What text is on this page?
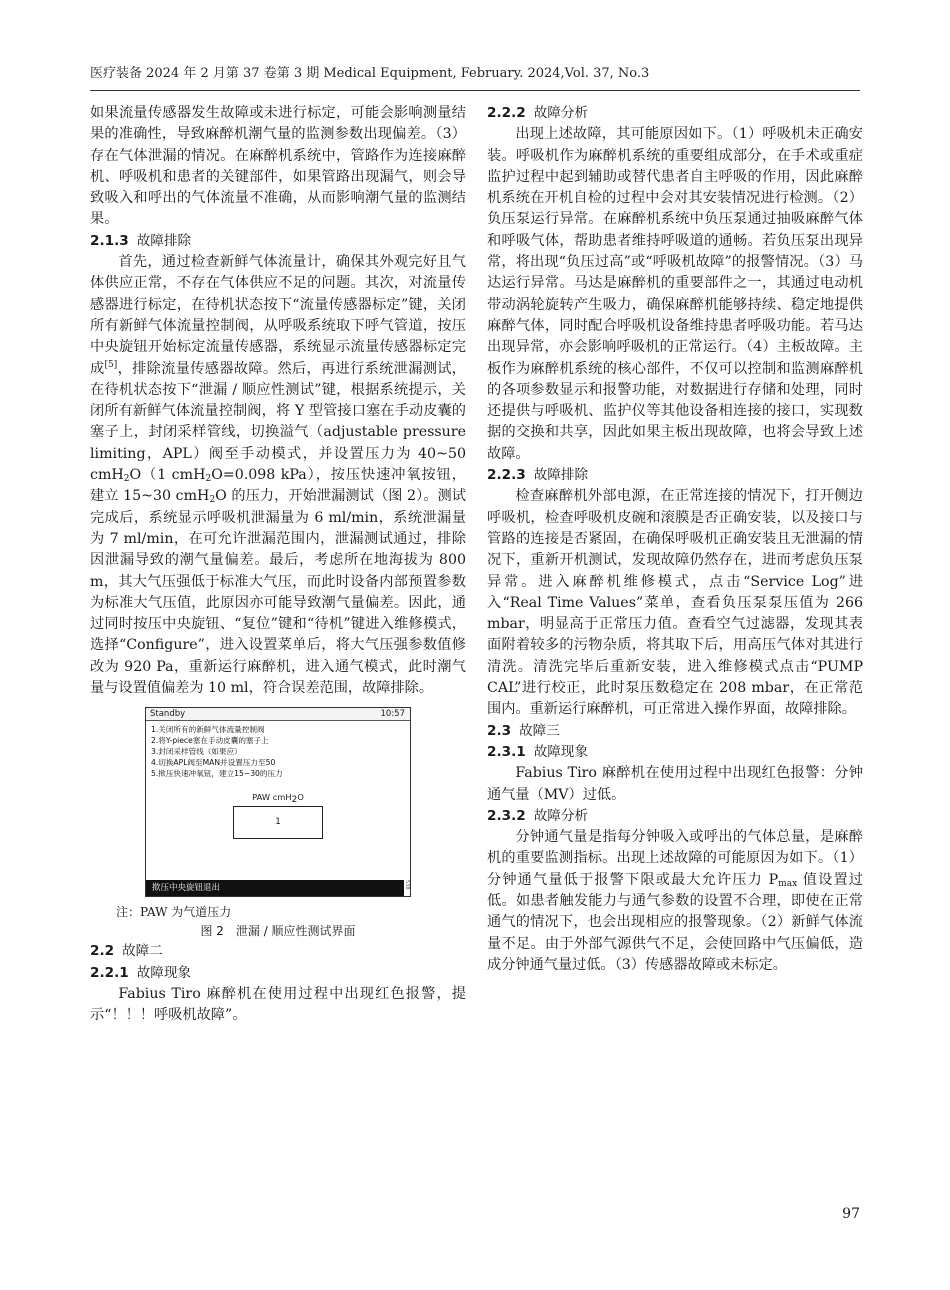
医疗装备 2024 年 2 月第 37 卷第 3 期 Medical Equipment, February. 2024,Vol. 37, No.3

如果流量传感器发生故障或未进行标定，可能会影响测量结果的准确性，导致麻醉机潮气量的监测参数出现偏差。（3）存在气体泄漏的情况。在麻醉机系统中，管路作为连接麻醉机、呼吸机和患者的关键部件，如果管路出现漏气，则会导致吸入和呼出的气体流量不准确，从而影响潮气量的监测结果。

2.1.3 故障排除

首先，通过检查新鲜气体流量计，确保其外观完好且气体供应正常，不存在气体供应不足的问题。其次，对流量传感器进行标定，在待机状态按下“流量传感器标定”键，关闭所有新鲜气体流量控制阀，从呼吸系统取下呼气管道，按压中央旋钮开始标定流量传感器，系统显示流量传感器标定完成[5]，排除流量传感器故障。然后，再进行系统泄漏测试，在待机状态按下“泄漏 / 顺应性测试”键，根据系统提示，关闭所有新鲜气体流量控制阀，将 Y 型管接口塞在手动皮囊的塞子上，封闭采样管线，切换溢气（adjustable pressure limiting，APL）阀至手动模式，并设置压力为 40~50 cmH$_2$O（1 cmH$_2$O=0.098 kPa），按压快速冲氧按钮，建立 15~30 cmH$_2$O 的压力，开始泄漏测试（图 2）。测试完成后，系统显示呼吸机泄漏量为 6 ml/min，系统泄漏量为 7 ml/min，在可允许泄漏范围内，泄漏测试通过，排除因泄漏导致的潮气量偏差。最后，考虑所在地海拔为 800 m，其大气压强低于标准大气压，而此时设备内部预置参数为标准大气压值，此原因亦可能导致潮气量偏差。因此，通过同时按压中央旋钮、“复位”键和“待机”键进入维修模式，选择“Configure”，进入设置菜单后，将大气压强参数值修改为 920 Pa，重新运行麻醉机，进入通气模式，此时潮气量与设置值偏差为 10 ml，符合误差范围，故障排除。

Standby	10:57
1.关闭所有的新鲜气体流量控制阀
2.将Y-piece塞在手动皮囊的塞子上
3.封闭采样管线（如果应）
4.切换APL阀至MAN并设置压力至50
5.揿压快速冲氧钮，建立15~30的压力
PAW cmH$_2$O
1
揿压中央旋钮退出	538

注：PAW 为气道压力

图 2　泄漏 / 顺应性测试界面

2.2 故障二

2.2.1 故障现象

Fabius Tiro 麻醉机在使用过程中出现红色报警，提示“！！！呼吸机故障”。

2.2.2 故障分析

出现上述故障，其可能原因如下。（1）呼吸机未正确安装。呼吸机作为麻醉机系统的重要组成部分，在手术或重症监护过程中起到辅助或替代患者自主呼吸的作用，因此麻醉机系统在开机自检的过程中会对其安装情况进行检测。（2）负压泵运行异常。在麻醉机系统中负压泵通过抽吸麻醉气体和呼吸气体，帮助患者维持呼吸道的通畅。若负压泵出现异常，将出现“负压过高”或“呼吸机故障”的报警情况。（3）马达运行异常。马达是麻醉机的重要部件之一，其通过电动机带动涡轮旋转产生吸力，确保麻醉机能够持续、稳定地提供麻醉气体，同时配合呼吸机设备维持患者呼吸功能。若马达出现异常，亦会影响呼吸机的正常运行。（4）主板故障。主板作为麻醉机系统的核心部件，不仅可以控制和监测麻醉机的各项参数显示和报警功能，对数据进行存储和处理，同时还提供与呼吸机、监护仪等其他设备相连接的接口，实现数据的交换和共享，因此如果主板出现故障，也将会导致上述故障。

2.2.3 故障排除

检查麻醉机外部电源，在正常连接的情况下，打开侧边呼吸机，检查呼吸机皮碗和滚膜是否正确安装，以及接口与管路的连接是否紧固，在确保呼吸机正确安装且无泄漏的情况下，重新开机测试，发现故障仍然存在，进而考虑负压泵异常。进入麻醉机维修模式，点击“Service Log”进入“Real Time Values”菜单，查看负压泵泵压值为 266 mbar，明显高于正常压力值。查看空气过滤器，发现其表面附着较多的污物杂质，将其取下后，用高压气体对其进行清洗。清洗完毕后重新安装，进入维修模式点击“PUMP CAL”进行校正，此时泵压数稳定在 208 mbar，在正常范围内。重新运行麻醉机，可正常进入操作界面，故障排除。

2.3 故障三

2.3.1 故障现象

Fabius Tiro 麻醉机在使用过程中出现红色报警：分钟通气量（MV）过低。

2.3.2 故障分析

分钟通气量是指每分钟吸入或呼出的气体总量，是麻醉机的重要监测指标。出现上述故障的可能原因为如下。（1）分钟通气量低于报警下限或最大允许压力 $P_{max}$ 值设置过低。如患者触发能力与通气参数的设置不合理，即使在正常通气的情况下，也会出现相应的报警现象。（2）新鲜气体流量不足。由于外部气源供气不足，会使回路中气压偏低，造成分钟通气量过低。（3）传感器故障或未标定。

97
